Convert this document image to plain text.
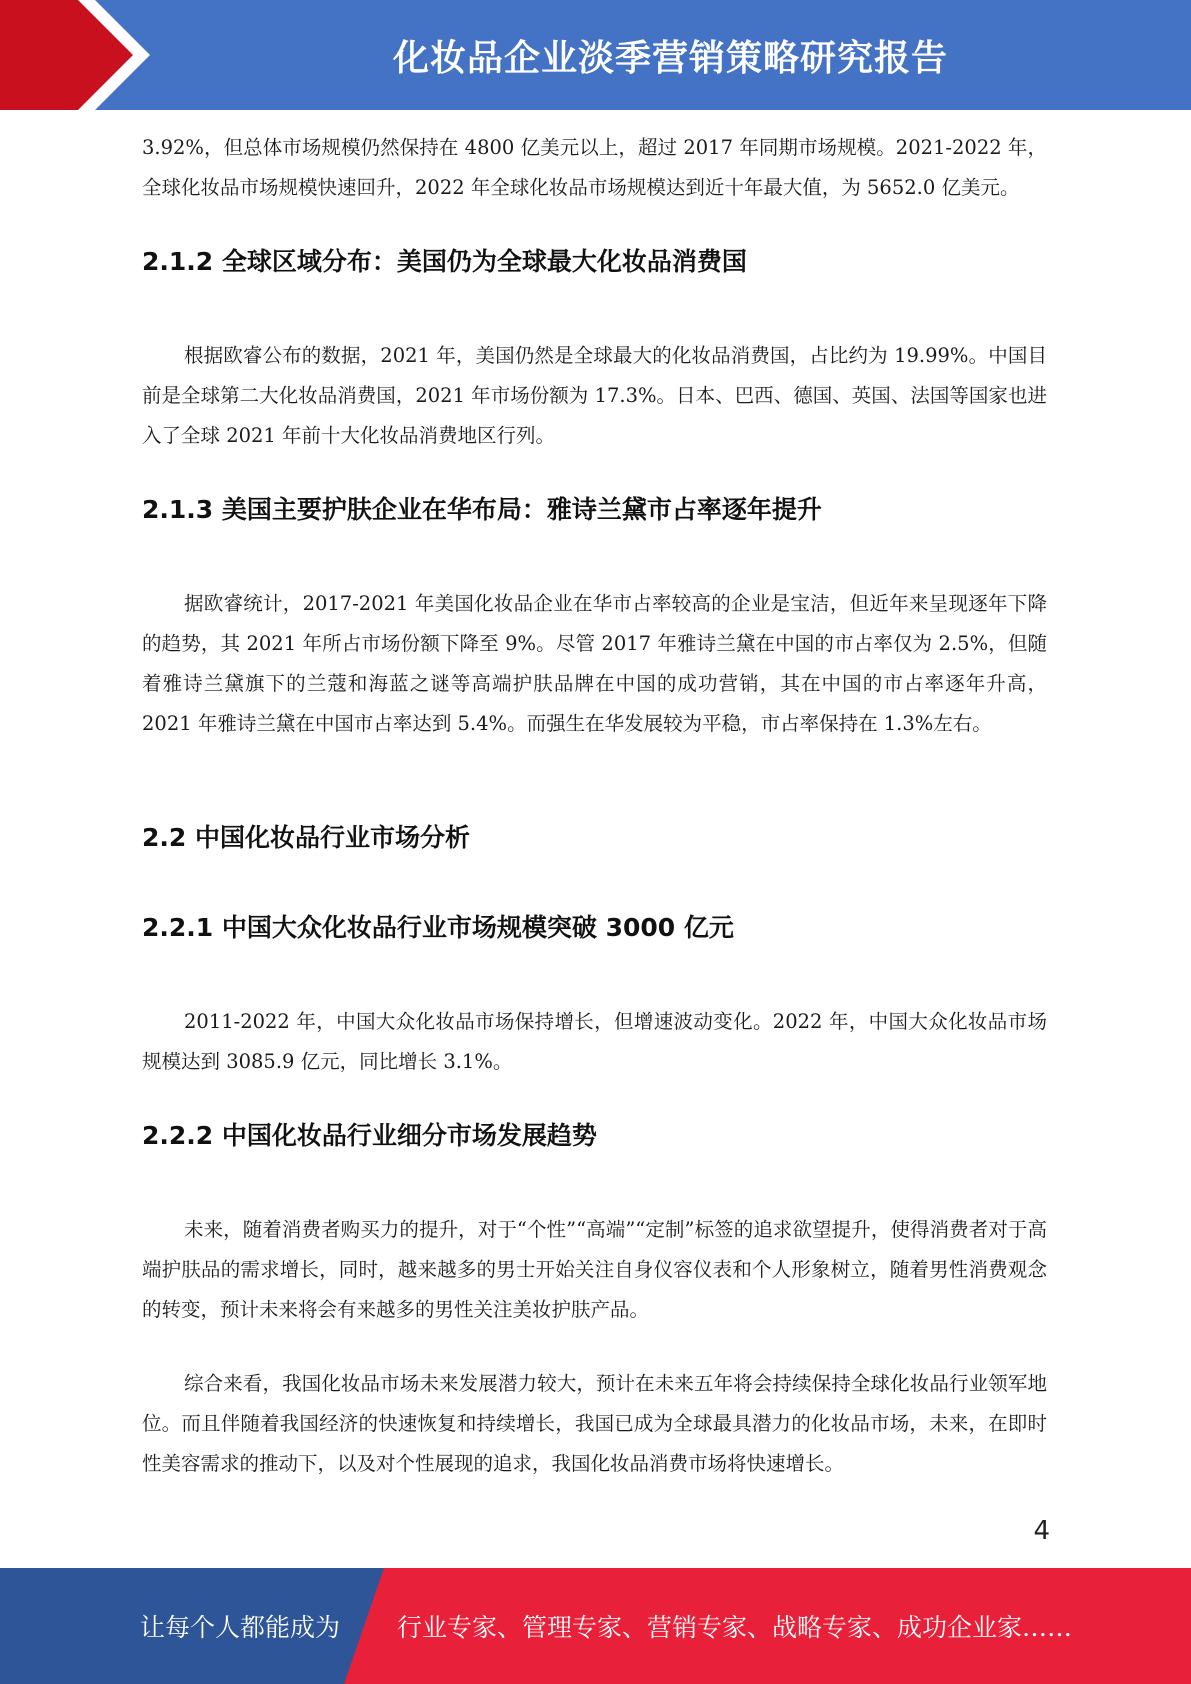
化妆品企业淡季营销策略研究报告

3.92%，但总体市场规模仍然保持在 4800 亿美元以上，超过 2017 年同期市场规模。2021-2022 年，全球化妆品市场规模快速回升，2022 年全球化妆品市场规模达到近十年最大值，为 5652.0 亿美元。

2.1.2 全球区域分布：美国仍为全球最大化妆品消费国

根据欧睿公布的数据，2021 年，美国仍然是全球最大的化妆品消费国，占比约为 19.99%。中国目前是全球第二大化妆品消费国，2021 年市场份额为 17.3%。日本、巴西、德国、英国、法国等国家也进入了全球 2021 年前十大化妆品消费地区行列。

2.1.3 美国主要护肤企业在华布局：雅诗兰黛市占率逐年提升

据欧睿统计，2017-2021 年美国化妆品企业在华市占率较高的企业是宝洁，但近年来呈现逐年下降的趋势，其 2021 年所占市场份额下降至 9%。尽管 2017 年雅诗兰黛在中国的市占率仅为 2.5%，但随着雅诗兰黛旗下的兰蔻和海蓝之谜等高端护肤品牌在中国的成功营销，其在中国的市占率逐年升高，2021 年雅诗兰黛在中国市占率达到 5.4%。而强生在华发展较为平稳，市占率保持在 1.3%左右。

2.2 中国化妆品行业市场分析
2.2.1 中国大众化妆品行业市场规模突破 3000 亿元

2011-2022 年，中国大众化妆品市场保持增长，但增速波动变化。2022 年，中国大众化妆品市场规模达到 3085.9 亿元，同比增长 3.1%。

2.2.2 中国化妆品行业细分市场发展趋势

未来，随着消费者购买力的提升，对于“个性”“高端”“定制”标签的追求欲望提升，使得消费者对于高端护肤品的需求增长，同时，越来越多的男士开始关注自身仪容仪表和个人形象树立，随着男性消费观念的转变，预计未来将会有来越多的男性关注美妆护肤产品。

综合来看，我国化妆品市场未来发展潜力较大，预计在未来五年将会持续保持全球化妆品行业领军地位。而且伴随着我国经济的快速恢复和持续增长，我国已成为全球最具潜力的化妆品市场，未来，在即时性美容需求的推动下，以及对个性展现的追求，我国化妆品消费市场将快速增长。

4
让每个人都能成为 行业专家、管理专家、营销专家、战略专家、成功企业家……
